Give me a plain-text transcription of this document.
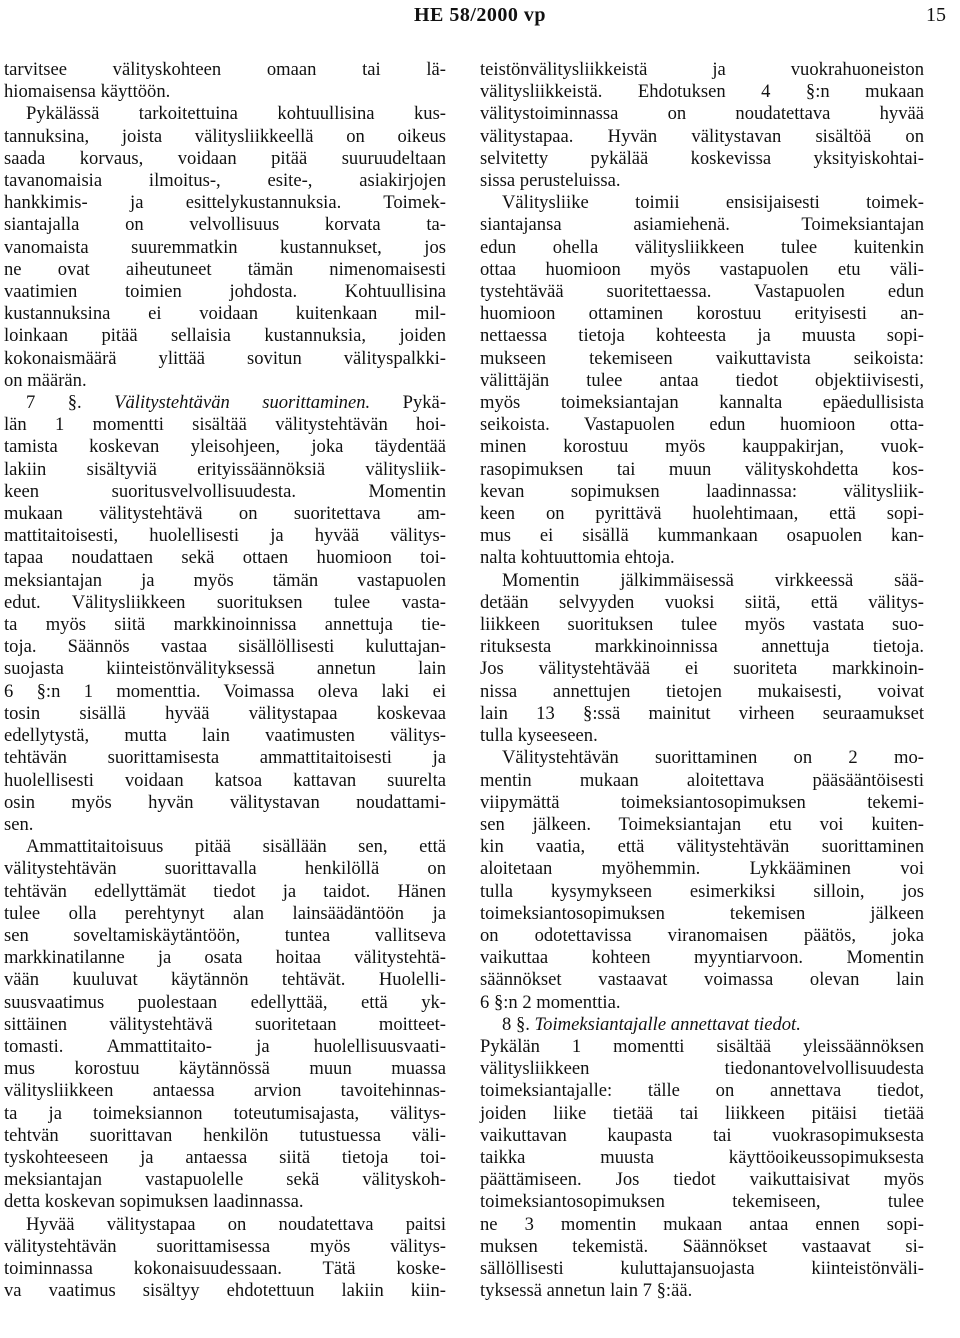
HE 58/2000 vp	15
tarvitsee välityskohteen omaan tai lä-
hiomaisensa käyttöön.
Pykälässä tarkoitettuina kohtuullisina kus-
tannuksina, joista välitysliikkeellä on oikeus
saada korvaus, voidaan pitää suuruudeltaan
tavanomaisia ilmoitus-, esite-, asiakirjojen
hankkimis- ja esittelykustannuksia. Toimek-
siantajalla on velvollisuus korvata ta-
vanomaista suuremmatkin kustannukset, jos
ne ovat aiheutuneet tämän nimenomaisesti
vaatimien toimien johdosta. Kohtuullisina
kustannuksina ei voidaan kuitenkaan mil-
loinkaan pitää sellaisia kustannuksia, joiden
kokonaismäärä ylittää sovitun välityspalkki-
on määrän.
7 §. Välitystehtävän suorittaminen. Pykä-
län 1 momentti sisältää välitystehtävän hoi-
tamista koskevan yleisohjeen, joka täydentää
lakiin sisältyviä erityissäännöksiä välitysliik-
keen suoritusvelvollisuudesta. Momentin
mukaan välitystehtävä on suoritettava am-
mattitaitoisesti, huolellisesti ja hyvää välitys-
tapaa noudattaen sekä ottaen huomioon toi-
meksiantajan ja myös tämän vastapuolen
edut. Välitysliikkeen suorituksen tulee vasta-
ta myös siitä markkinoinnissa annettuja tie-
toja. Säännös vastaa sisällöllisesti kuluttajan-
suojasta kiinteistönvälityksessä annetun lain
6 §:n 1 momenttia. Voimassa oleva laki ei
tosin sisällä hyvää välitystapaa koskevaa
edellytystä, mutta lain vaatimusten välitys-
tehtävän suorittamisesta ammattitaitoisesti ja
huolellisesti voidaan katsoa kattavan suurelta
osin myös hyvän välitystavan noudattami-
sen.
Ammattitaitoisuus pitää sisällään sen, että
välitystehtävän suorittavalla henkilöllä on
tehtävän edellyttämät tiedot ja taidot. Hänen
tulee olla perehtynyt alan lainsäädäntöön ja
sen soveltamiskäytäntöön, tuntea vallitseva
markkinatilanne ja osata hoitaa välitystehtä-
vään kuuluvat käytännön tehtävät. Huolelli-
suusvaatimus puolestaan edellyttää, että yk-
sittäinen välitystehtävä suoritetaan moitteet-
tomasti. Ammattitaito- ja huolellisuusvaati-
mus korostuu käytännössä muun muassa
välitysliikkeen antaessa arvion tavoitehinnas-
ta ja toimeksiannon toteutumisajasta, välitys-
tehtvän suorittavan henkilön tutustuessa väli-
tyskohteeseen ja antaessa siitä tietoja toi-
meksiantajan vastapuolelle sekä välityskoh-
detta koskevan sopimuksen laadinnassa.
Hyvää välitystapaa on noudatettava paitsi
välitystehtävän suorittamisessa myös välitys-
toiminnassa kokonaisuudessaan. Tätä koske-
va vaatimus sisältyy ehdotettuun lakiin kiin-
teistönvälitysliikkeistä ja vuokrahuoneiston
välitysliikkeistä. Ehdotuksen 4 §:n mukaan
välitystoiminnassa on noudatettava hyvää
välitystapaa. Hyvän välitystavan sisältöä on
selvitetty pykälää koskevissa yksityiskohtai-
sissa perusteluissa.
Välitysliike toimii ensisijaisesti toimek-
siantajansa asiamiehenä. Toimeksiantajan
edun ohella välitysliikkeen tulee kuitenkin
ottaa huomioon myös vastapuolen etu väli-
tystehtävää suoritettaessa. Vastapuolen edun
huomioon ottaminen korostuu erityisesti an-
nettaessa tietoja kohteesta ja muusta sopi-
mukseen tekemiseen vaikuttavista seikoista:
välittäjän tulee antaa tiedot objektiivisesti,
myös toimeksiantajan kannalta epäedullisista
seikoista. Vastapuolen edun huomioon otta-
minen korostuu myös kauppakirjan, vuok-
rasopimuksen tai muun välityskohdetta kos-
kevan sopimuksen laadinnassa: välitysliik-
keen on pyrittävä huolehtimaan, että sopi-
mus ei sisällä kummankaan osapuolen kan-
nalta kohtuuttomia ehtoja.
Momentin jälkimmäisessä virkkeessä sää-
detään selvyyden vuoksi siitä, että välitys-
liikkeen suorituksen tulee myös vastata suo-
rituksesta markkinoinnissa annettuja tietoja.
Jos välitystehtävää ei suoriteta markkinoin-
nissa annettujen tietojen mukaisesti, voivat
lain 13 §:ssä mainitut virheen seuraamukset
tulla kyseeseen.
Välitystehtävän suorittaminen on 2 mo-
mentin mukaan aloitettava pääsääntöisesti
viipymättä toimeksiantosopimuksen tekemi-
sen jälkeen. Toimeksiantajan etu voi kuiten-
kin vaatia, että välitystehtävän suorittaminen
aloitetaan myöhemmin. Lykkääminen voi
tulla kysymykseen esimerkiksi silloin, jos
toimeksiantosopimuksen tekemisen jälkeen
on odotettavissa viranomaisen päätös, joka
vaikuttaa kohteen myyntiarvoon. Momentin
säännökset vastaavat voimassa olevan lain
6 §:n 2 momenttia.
8 §. Toimeksiantajalle annettavat tiedot.
Pykälän 1 momentti sisältää yleissäännöksen
välitysliikkeen tiedonantovelvollisuudesta
toimeksiantajalle: tälle on annettava tiedot,
joiden liike tietää tai liikkeen pitäisi tietää
vaikuttavan kaupasta tai vuokrasopimuksesta
taikka muusta käyttöoikeussopimuksesta
päättämiseen. Jos tiedot vaikuttaisivat myös
toimeksiantosopimuksen tekemiseen, tulee
ne 3 momentin mukaan antaa ennen sopi-
muksen tekemistä. Säännökset vastaavat si-
sällöllisesti kuluttajansuojasta kiinteistönväli-
tyksessä annetun lain 7 §:ää.
